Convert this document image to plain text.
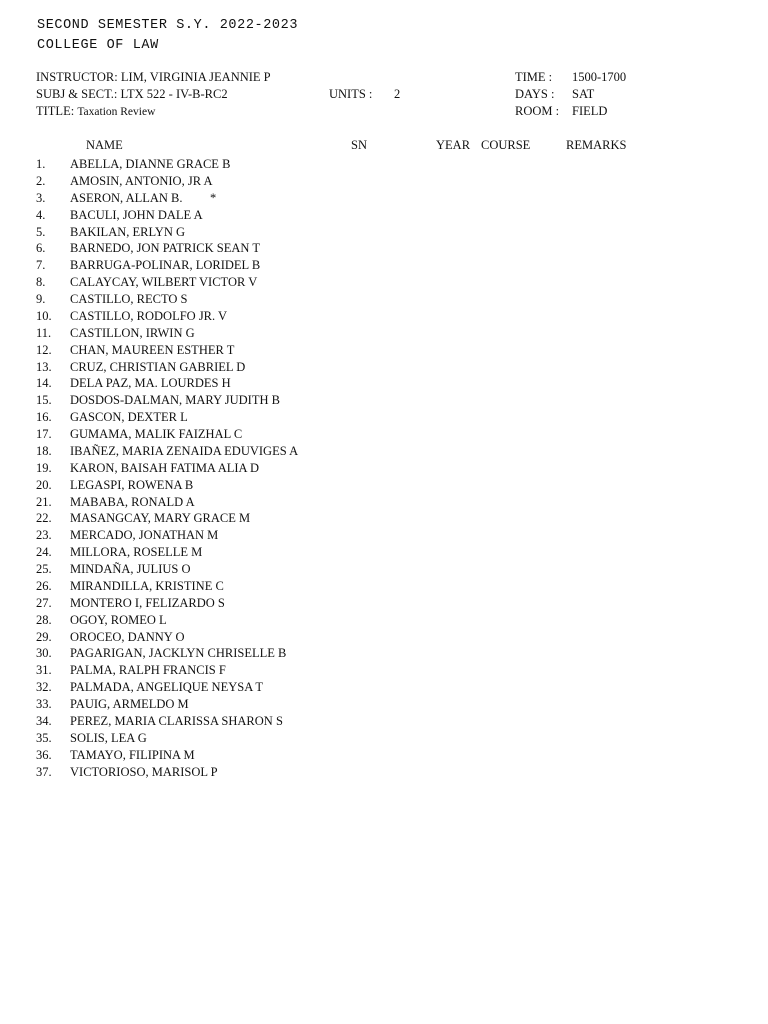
SECOND SEMESTER S.Y. 2022-2023
COLLEGE OF LAW
INSTRUCTOR: LIM, VIRGINIA JEANNIE P
SUBJ & SECT.: LTX 522 - IV-B-RC2
TITLE: Taxation Review
UNITS : 2
TIME : 1500-1700
DAYS : SAT
ROOM : FIELD
NAME	SN	YEAR COURSE	REMARKS
1.	ABELLA, DIANNE GRACE B
2.	AMOSIN, ANTONIO, JR A
3.	ASERON, ALLAN B. *
4.	BACULI, JOHN DALE A
5.	BAKILAN, ERLYN G
6.	BARNEDO, JON PATRICK SEAN T
7.	BARRUGA-POLINAR, LORIDEL B
8.	CALAYCAY, WILBERT VICTOR V
9.	CASTILLO, RECTO S
10.	CASTILLO, RODOLFO JR. V
11.	CASTILLON, IRWIN G
12.	CHAN, MAUREEN ESTHER T
13.	CRUZ, CHRISTIAN GABRIEL D
14.	DELA PAZ, MA. LOURDES H
15.	DOSDOS-DALMAN, MARY JUDITH B
16.	GASCON, DEXTER L
17.	GUMAMA, MALIK FAIZHAL C
18.	IBAÑEZ, MARIA ZENAIDA EDUVIGES A
19.	KARON, BAISAH FATIMA ALIA D
20.	LEGASPI, ROWENA B
21.	MABABA, RONALD A
22.	MASANGCAY, MARY GRACE M
23.	MERCADO, JONATHAN M
24.	MILLORA, ROSELLE M
25.	MINDAÑA, JULIUS O
26.	MIRANDILLA, KRISTINE C
27.	MONTERO I, FELIZARDO S
28.	OGOY, ROMEO L
29.	OROCEO, DANNY O
30.	PAGARIGAN, JACKLYN CHRISELLE B
31.	PALMA, RALPH FRANCIS F
32.	PALMADA, ANGELIQUE NEYSA T
33.	PAUIG, ARMELDO M
34.	PEREZ, MARIA CLARISSA SHARON S
35.	SOLIS, LEA G
36.	TAMAYO, FILIPINA M
37.	VICTORIOSO, MARISOL P
